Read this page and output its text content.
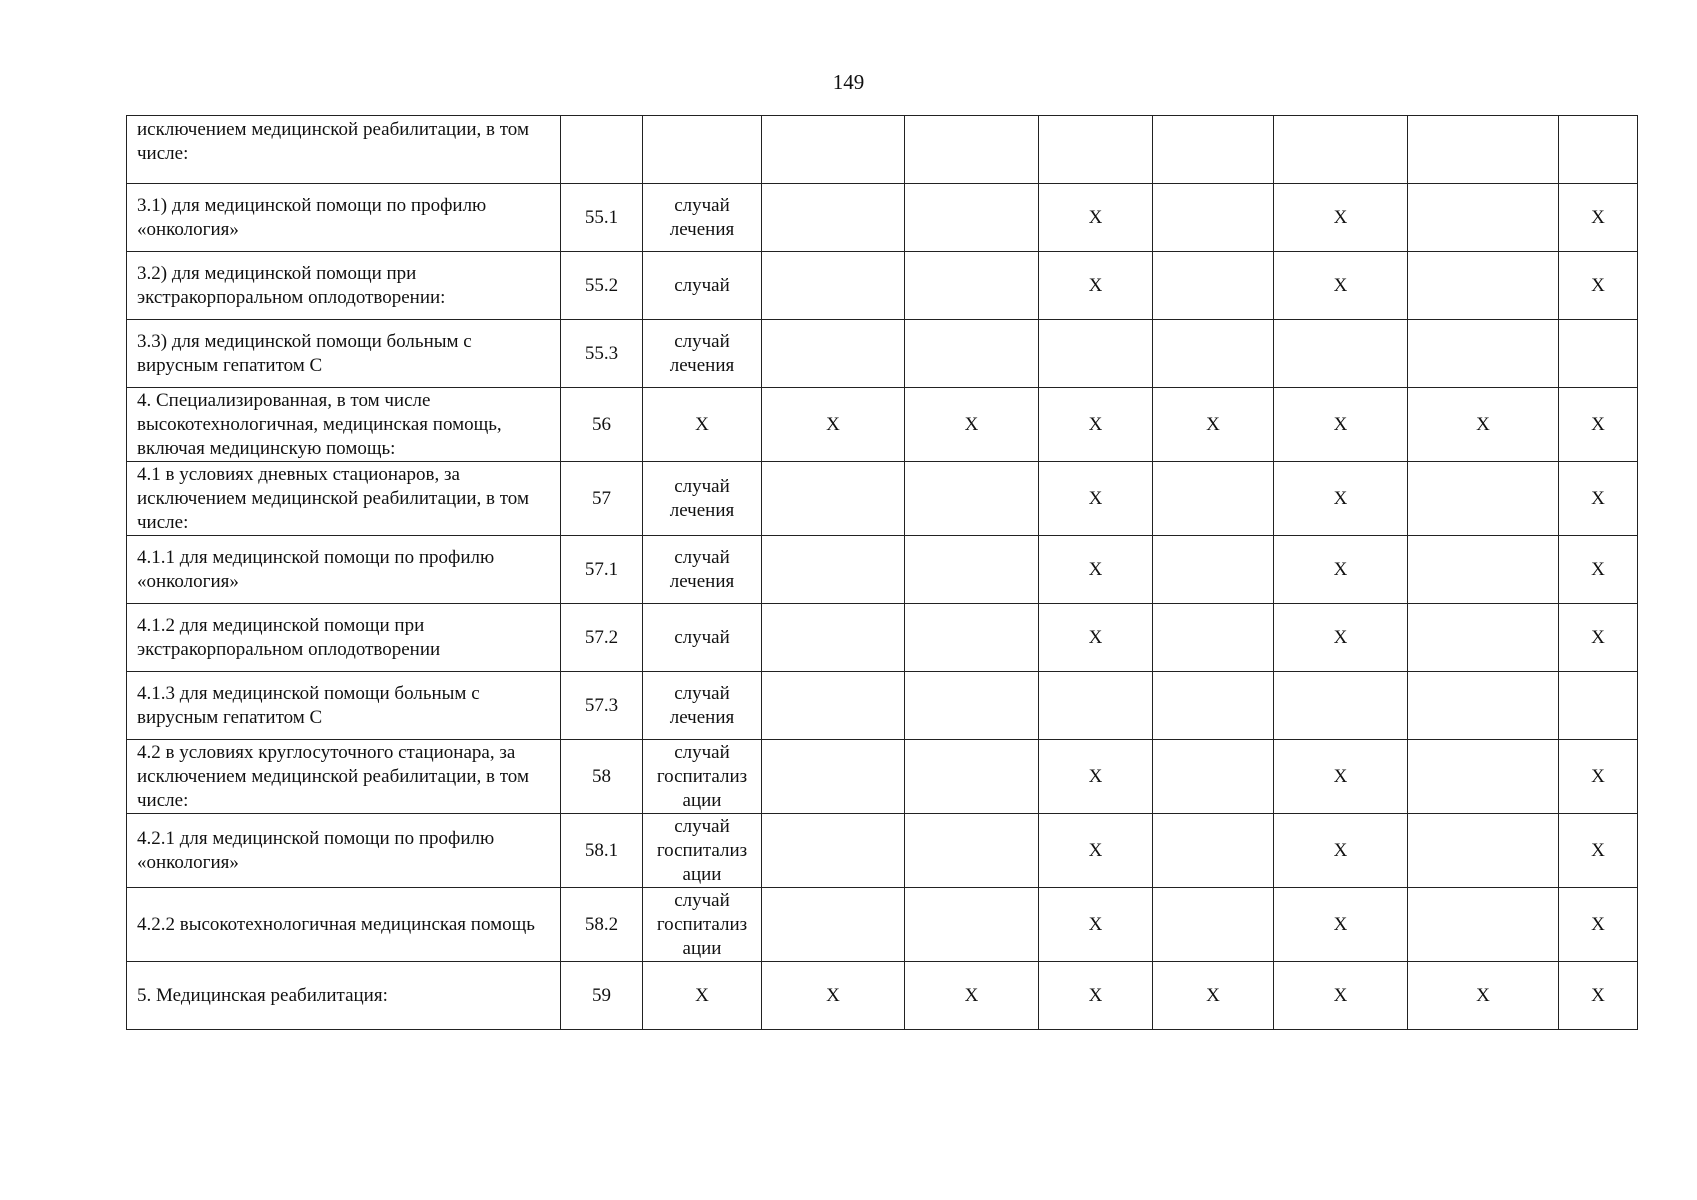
149
исключением медицинской реабилитации, в том числе:									
3.1) для медицинской помощи по профилю «онкология»	55.1	случай лечения			X		X		X
3.2) для медицинской помощи при экстракорпоральном оплодотворении:	55.2	случай			X		X		X
3.3) для медицинской помощи больным с вирусным гепатитом С	55.3	случай лечения							
4. Специализированная, в том числе высокотехнологичная, медицинская помощь, включая медицинскую помощь:	56	X	X	X	X	X	X	X	X
4.1 в условиях дневных стационаров, за исключением медицинской реабилитации, в том числе:	57	случай лечения			X		X		X
4.1.1 для медицинской помощи по профилю «онкология»	57.1	случай лечения			X		X		X
4.1.2 для медицинской помощи при экстракорпоральном оплодотворении	57.2	случай			X		X		X
4.1.3 для медицинской помощи больным с вирусным гепатитом С	57.3	случай лечения							
4.2 в условиях круглосуточного стационара, за исключением медицинской реабилитации, в том числе:	58	случай госпитализ ации			X		X		X
4.2.1 для медицинской помощи по профилю «онкология»	58.1	случай госпитализ ации			X		X		X
4.2.2 высокотехнологичная медицинская помощь	58.2	случай госпитализ ации			X		X		X
5. Медицинская реабилитация:	59	X	X	X	X	X	X	X	X
